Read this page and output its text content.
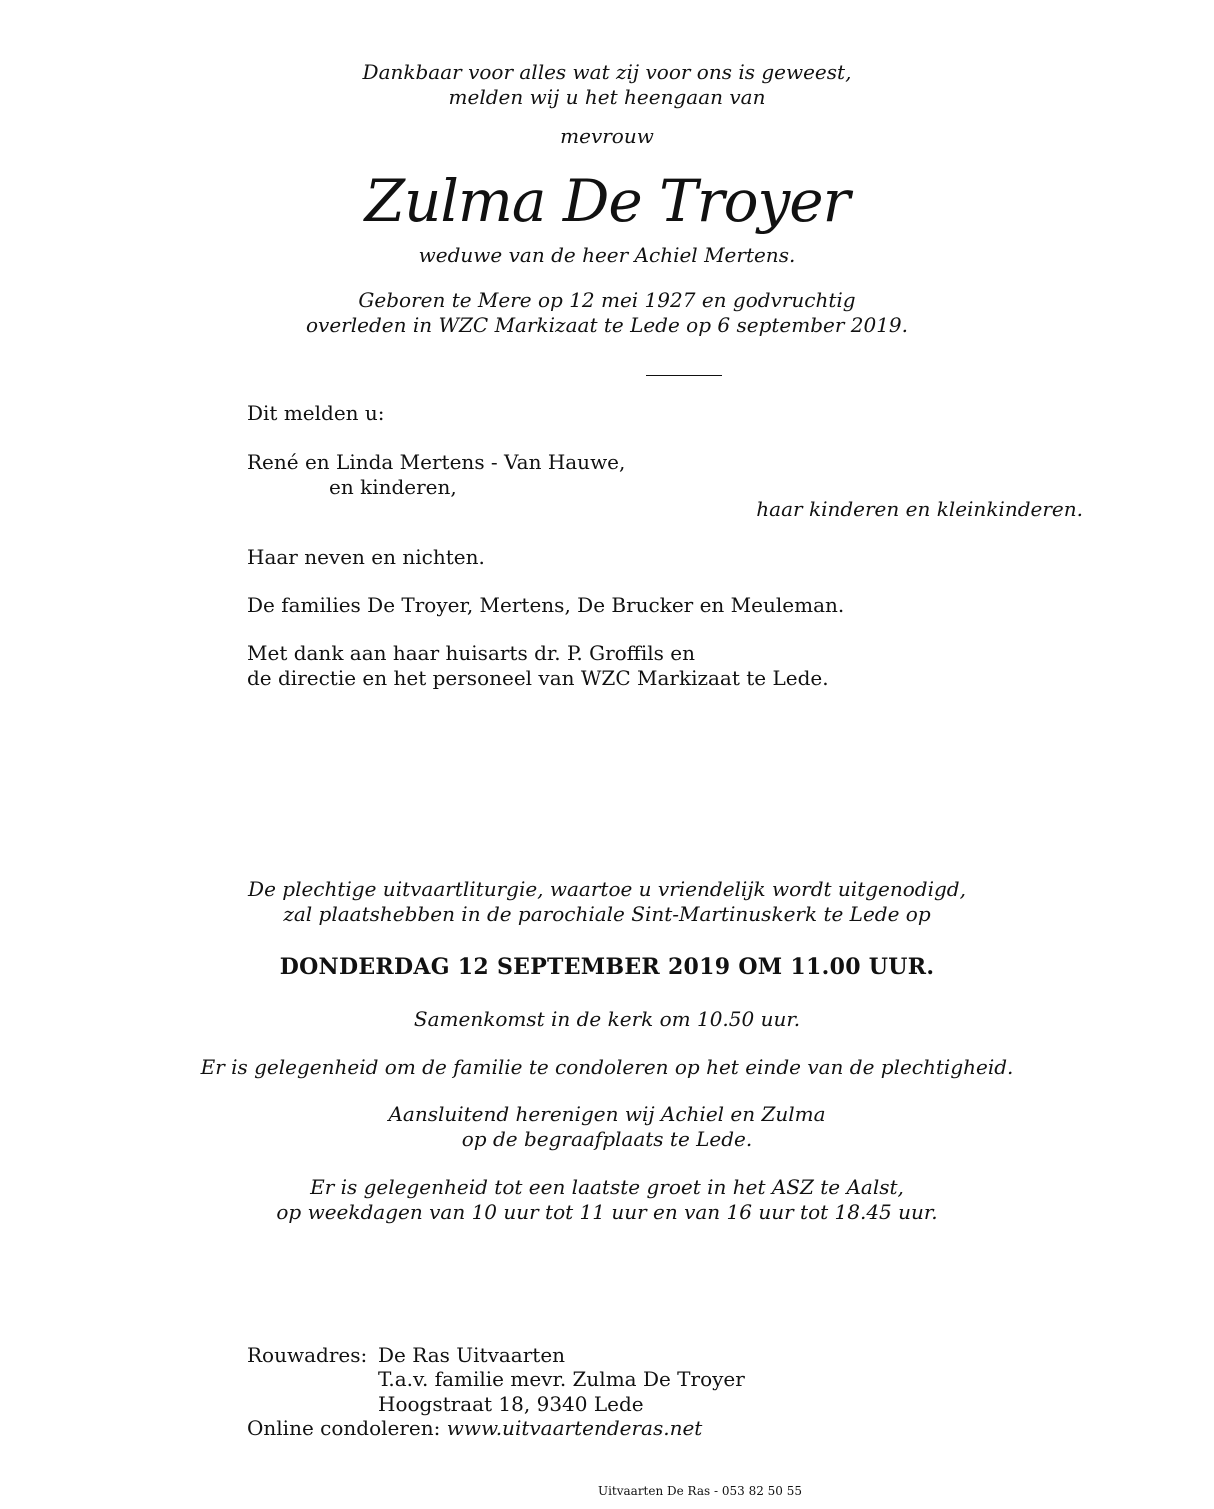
Dankbaar voor alles wat zij voor ons is geweest,
melden wij u het heengaan van
mevrouw
Zulma De Troyer
weduwe van de heer Achiel Mertens.
Geboren te Mere op 12 mei 1927 en godvruchtig
overleden in WZC Markizaat te Lede op 6 september 2019.
Dit melden u:
René en Linda Mertens - Van Hauwe,
en kinderen,
haar kinderen en kleinkinderen.
Haar neven en nichten.
De families De Troyer, Mertens, De Brucker en Meuleman.
Met dank aan haar huisarts dr. P. Groffils en
de directie en het personeel van WZC Markizaat te Lede.
De plechtige uitvaartliturgie, waartoe u vriendelijk wordt uitgenodigd,
zal plaatshebben in de parochiale Sint-Martinuskerk te Lede op
DONDERDAG 12 SEPTEMBER 2019 OM 11.00 UUR.
Samenkomst in de kerk om 10.50 uur.
Er is gelegenheid om de familie te condoleren op het einde van de plechtigheid.
Aansluitend herenigen wij Achiel en Zulma
op de begraafplaats te Lede.
Er is gelegenheid tot een laatste groet in het ASZ te Aalst,
op weekdagen van 10 uur tot 11 uur en van 16 uur tot 18.45 uur.
Rouwadres: De Ras Uitvaarten
T.a.v. familie mevr. Zulma De Troyer
Hoogstraat 18, 9340 Lede
Online condoleren: www.uitvaartenderas.net
Uitvaarten De Ras - 053 82 50 55
